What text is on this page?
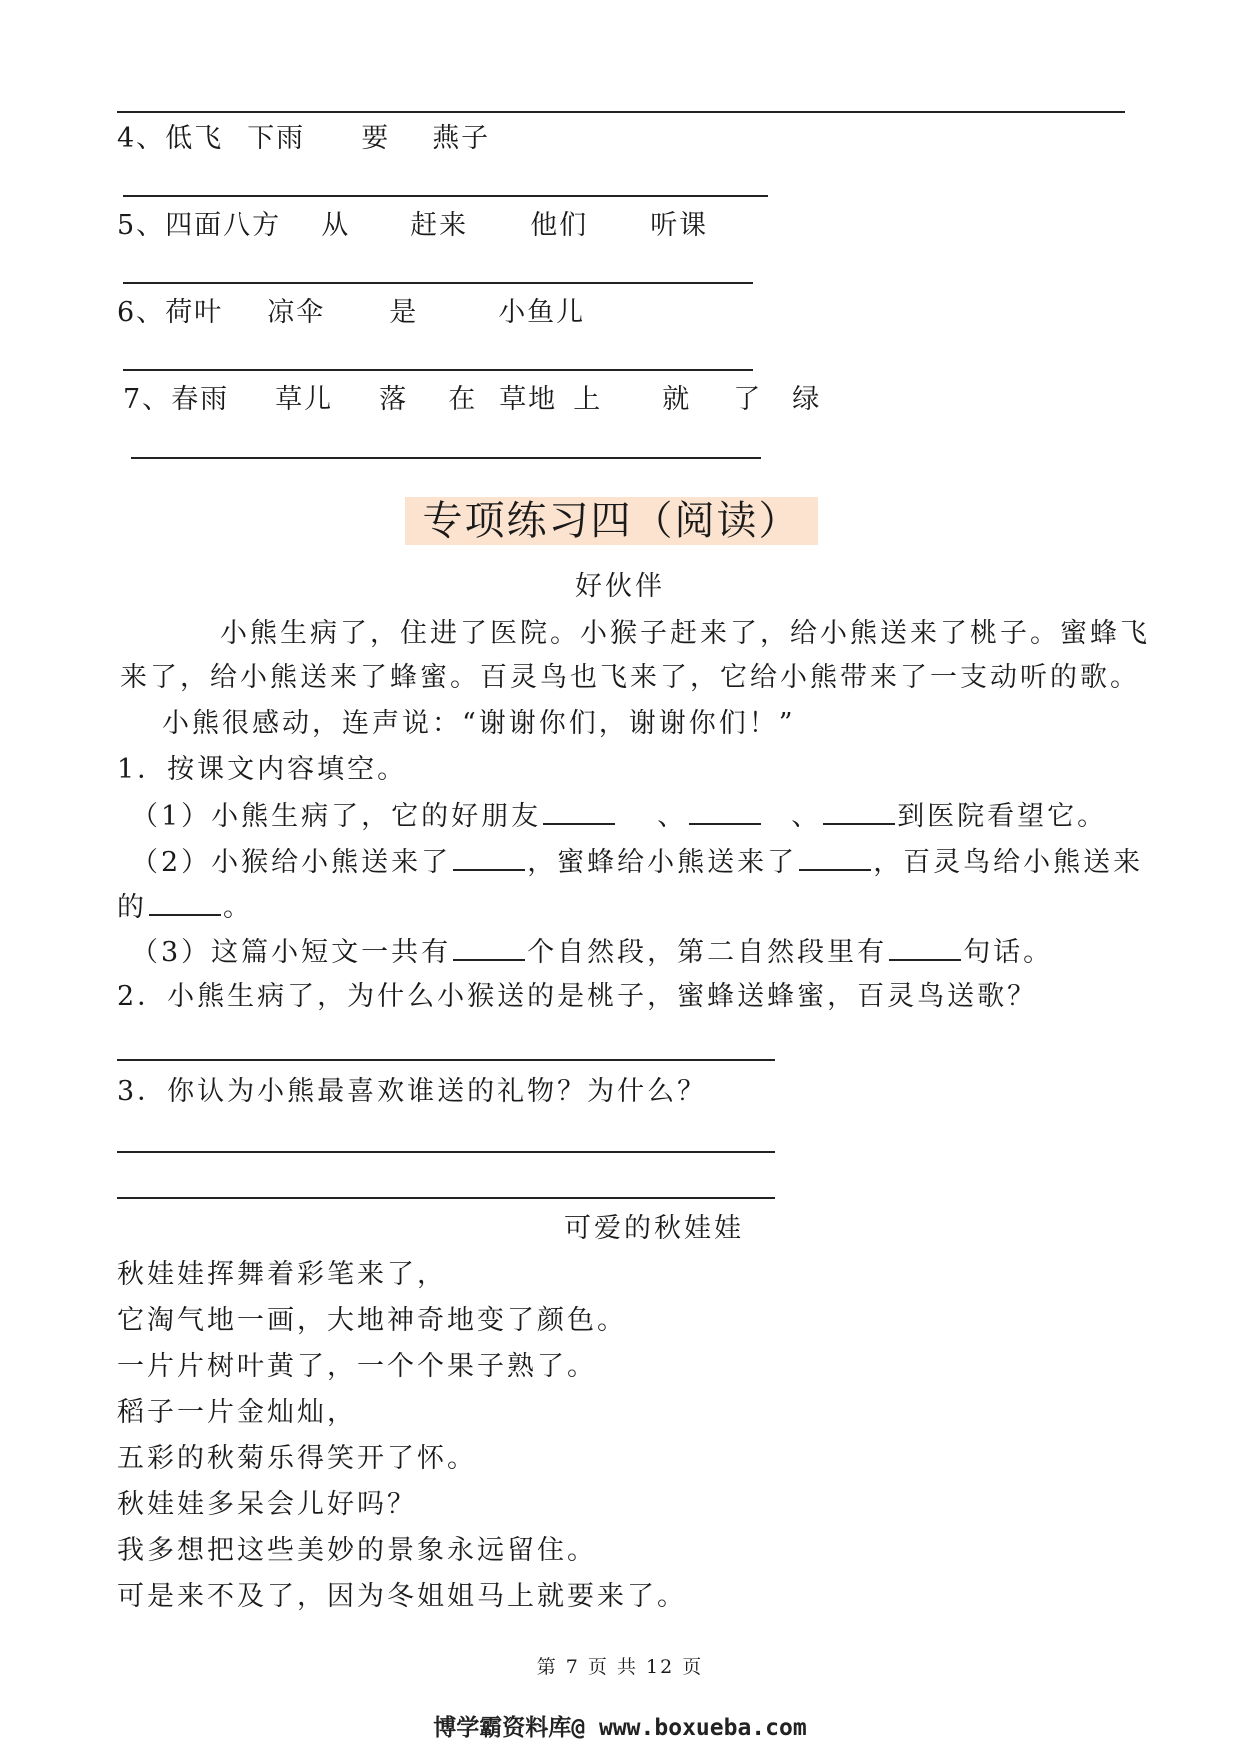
4、低飞 下雨 要 燕子
5、四面八方 从 赶来 他们 听课
6、荷叶 凉伞 是	小鱼儿
7、春雨 草儿 落 在 草地 上 就 了 绿
专项练习四（阅读）
好伙伴
小熊生病了，住进了医院。小猴子赶来了，给小熊送来了桃子。蜜蜂飞
来了，给小熊送来了蜂蜜。百灵鸟也飞来了，它给小熊带来了一支动听的歌。
小熊很感动，连声说：“谢谢你们，谢谢你们！”
1．按课文内容填空。
（1）小熊生病了，它的好朋友	、	、	到医院看望它。
（2）小猴给小熊送来了	，蜜蜂给小熊送来了	，百灵鸟给小熊送来
的	。
（3）这篇小短文一共有	个自然段，第二自然段里有	句话。
2．小熊生病了，为什么小猴送的是桃子，蜜蜂送蜂蜜，百灵鸟送歌？
3．你认为小熊最喜欢谁送的礼物？为什么？
可爱的秋娃娃
秋娃娃挥舞着彩笔来了，
它淘气地一画，大地神奇地变了颜色。
一片片树叶黄了，一个个果子熟了。
稻子一片金灿灿，
五彩的秋菊乐得笑开了怀。
秋娃娃多呆会儿好吗？
我多想把这些美妙的景象永远留住。
可是来不及了，因为冬姐姐马上就要来了。
第 7 页 共 12 页
博学霸资料库@ www.boxueba.com
